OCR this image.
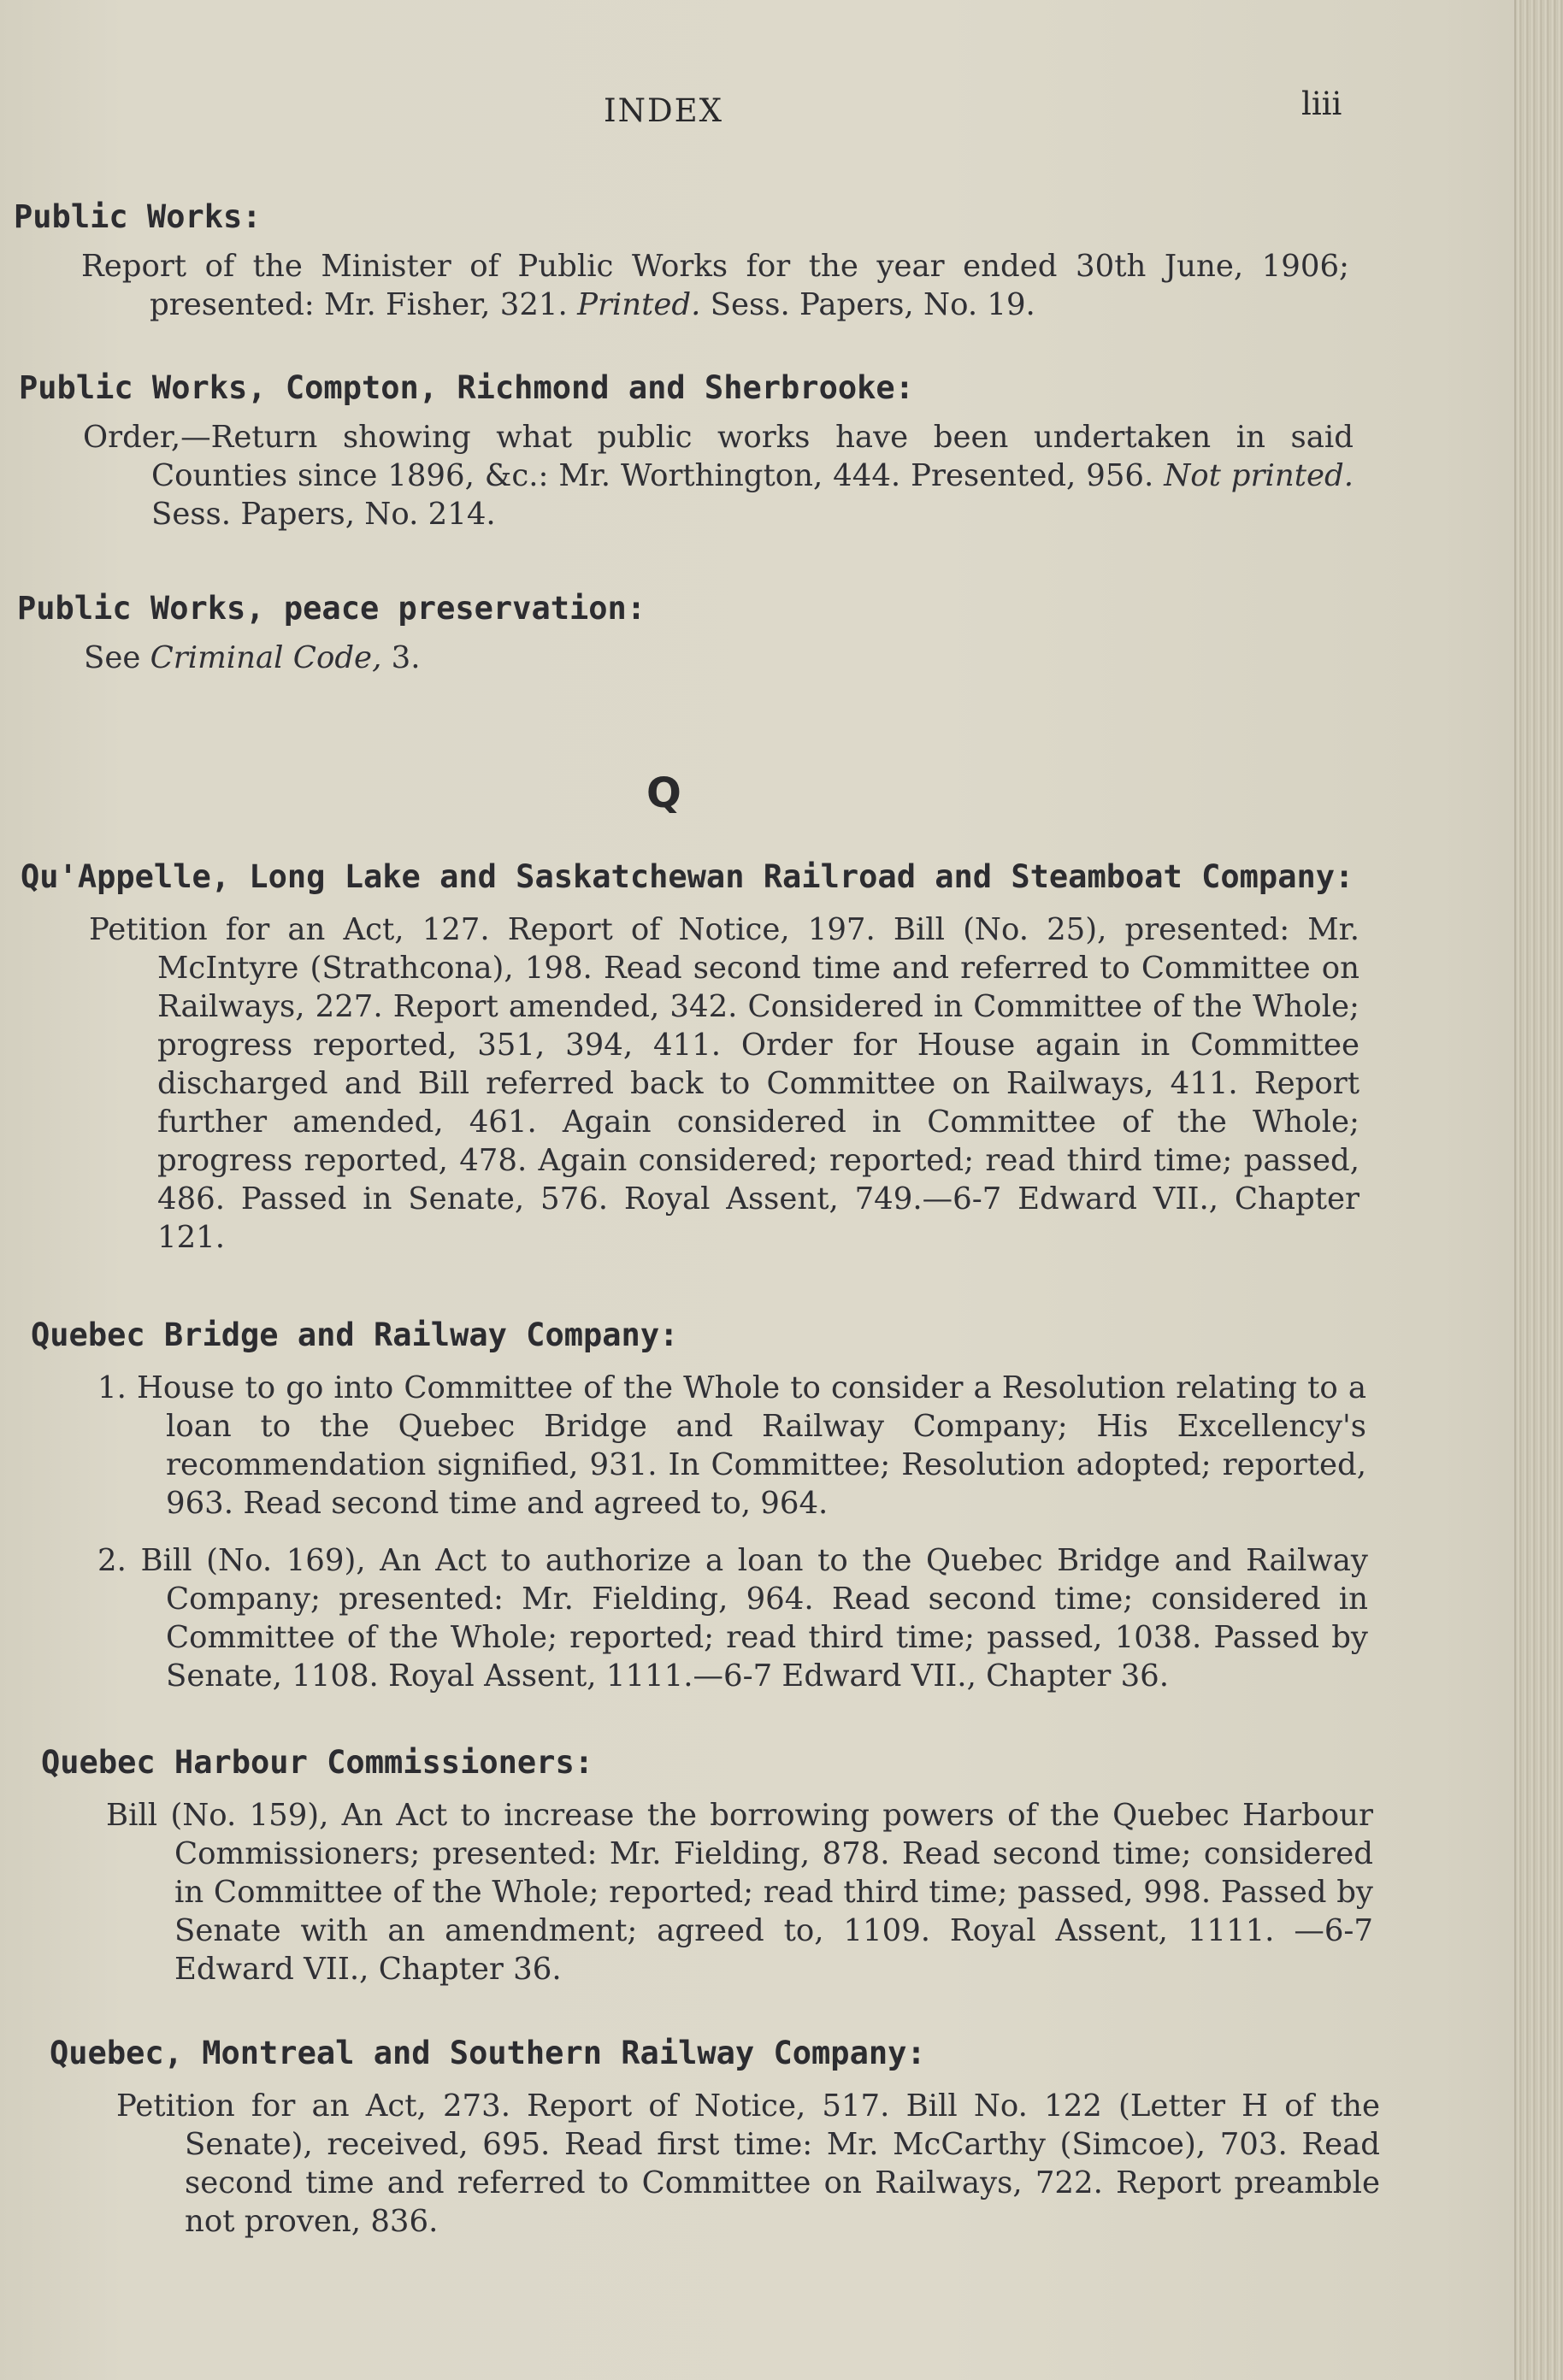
INDEX	liii
Public Works:
Report of the Minister of Public Works for the year ended 30th June, 1906; presented: Mr. Fisher, 321. Printed. Sess. Papers, No. 19.
Public Works, Compton, Richmond and Sherbrooke:
Order,—Return showing what public works have been undertaken in said Counties since 1896, &c.: Mr. Worthington, 444. Presented, 956. Not printed. Sess. Papers, No. 214.
Public Works, peace preservation:
See Criminal Code, 3.
Q
Qu'Appelle, Long Lake and Saskatchewan Railroad and Steamboat Company:
Petition for an Act, 127. Report of Notice, 197. Bill (No. 25), presented: Mr. McIntyre (Strathcona), 198. Read second time and referred to Committee on Railways, 227. Report amended, 342. Considered in Committee of the Whole; progress reported, 351, 394, 411. Order for House again in Committee discharged and Bill referred back to Committee on Railways, 411. Report further amended, 461. Again considered in Committee of the Whole; progress reported, 478. Again considered; reported; read third time; passed, 486. Passed in Senate, 576. Royal Assent, 749.—6-7 Edward VII., Chapter 121.
Quebec Bridge and Railway Company:
1. House to go into Committee of the Whole to consider a Resolution relating to a loan to the Quebec Bridge and Railway Company; His Excellency's recommendation signified, 931. In Committee; Resolution adopted; reported, 963. Read second time and agreed to, 964.
2. Bill (No. 169), An Act to authorize a loan to the Quebec Bridge and Railway Company; presented: Mr. Fielding, 964. Read second time; considered in Committee of the Whole; reported; read third time; passed, 1038. Passed by Senate, 1108. Royal Assent, 1111.—6-7 Edward VII., Chapter 36.
Quebec Harbour Commissioners:
Bill (No. 159), An Act to increase the borrowing powers of the Quebec Harbour Commissioners; presented: Mr. Fielding, 878. Read second time; considered in Committee of the Whole; reported; read third time; passed, 998. Passed by Senate with an amendment; agreed to, 1109. Royal Assent, 1111. —6-7 Edward VII., Chapter 36.
Quebec, Montreal and Southern Railway Company:
Petition for an Act, 273. Report of Notice, 517. Bill No. 122 (Letter H of the Senate), received, 695. Read first time: Mr. McCarthy (Simcoe), 703. Read second time and referred to Committee on Railways, 722. Report preamble not proven, 836.
